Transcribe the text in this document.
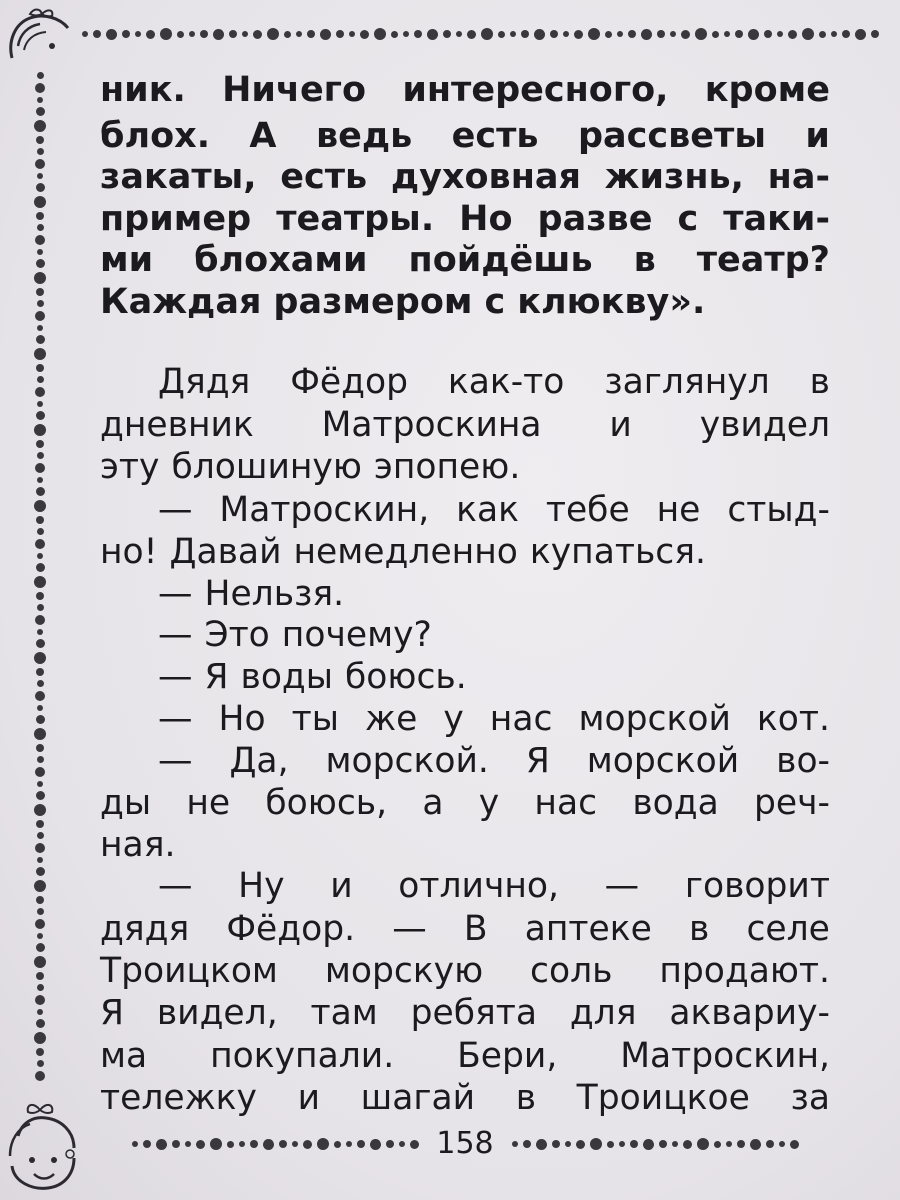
ник. Ничего интересного, кроме
блох. А ведь есть рассветы и
закаты, есть духовная жизнь, на-
пример театры. Но разве с таки-
ми блохами пойдёшь в театр?
Каждая размером с клюкву».
Дядя Фёдор как-то заглянул в
дневник Матроскина и увидел
эту блошиную эпопею.
— Матроскин, как тебе не стыд-
но! Давай немедленно купаться.
— Нельзя.
— Это почему?
— Я воды боюсь.
— Но ты же у нас морской кот.
— Да, морской. Я морской во-
ды не боюсь, а у нас вода реч-
ная.
— Ну и отлично, — говорит
дядя Фёдор. — В аптеке в селе
Троицком морскую соль продают.
Я видел, там ребята для аквариу-
ма покупали. Бери, Матроскин,
тележку и шагай в Троицкое за
158
